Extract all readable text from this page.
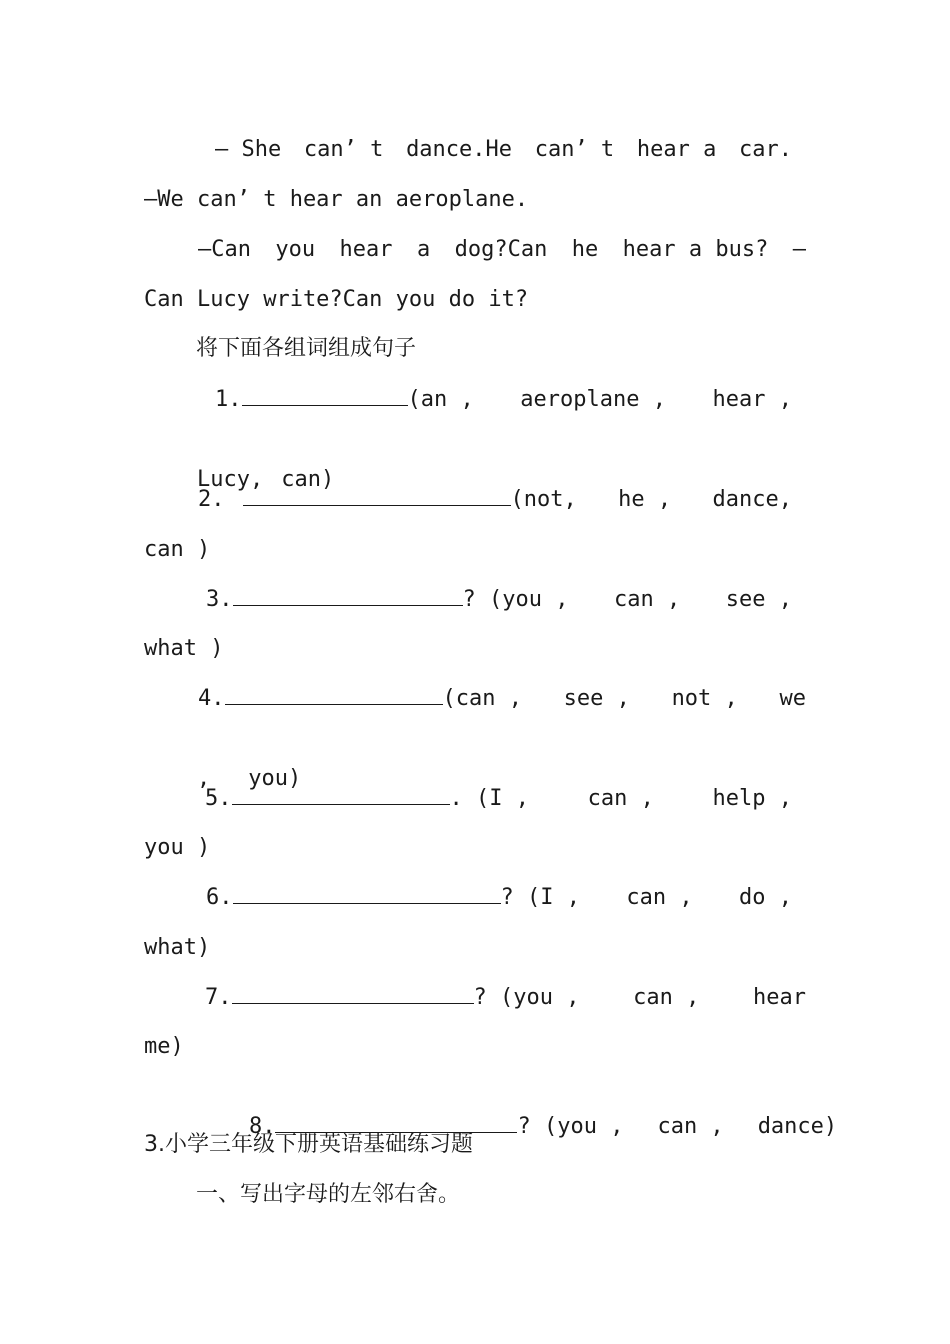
— She can’ t dance.He can’ t hear a car.
—We can’ t hear an aeroplane.
—Can you hear a dog?Can he hear a bus? —
Can Lucy write?Can you do it?
将下面各组词组成句子
1.	(an , aeroplane , hear ,

Lucy, can)

2.	(not, he , dance,
can )
3.	? (you , can , see ,
what )
4.	(can , see , not , we

, you)

5.	. (I ,	can ,	help ,
you )
6.	? (I , can , do ,
what)
7.	? (you , can , hear
me)

8.	? (you , can , dance)

3.小学三年级下册英语基础练习题
一、写出字母的左邻右舍。
